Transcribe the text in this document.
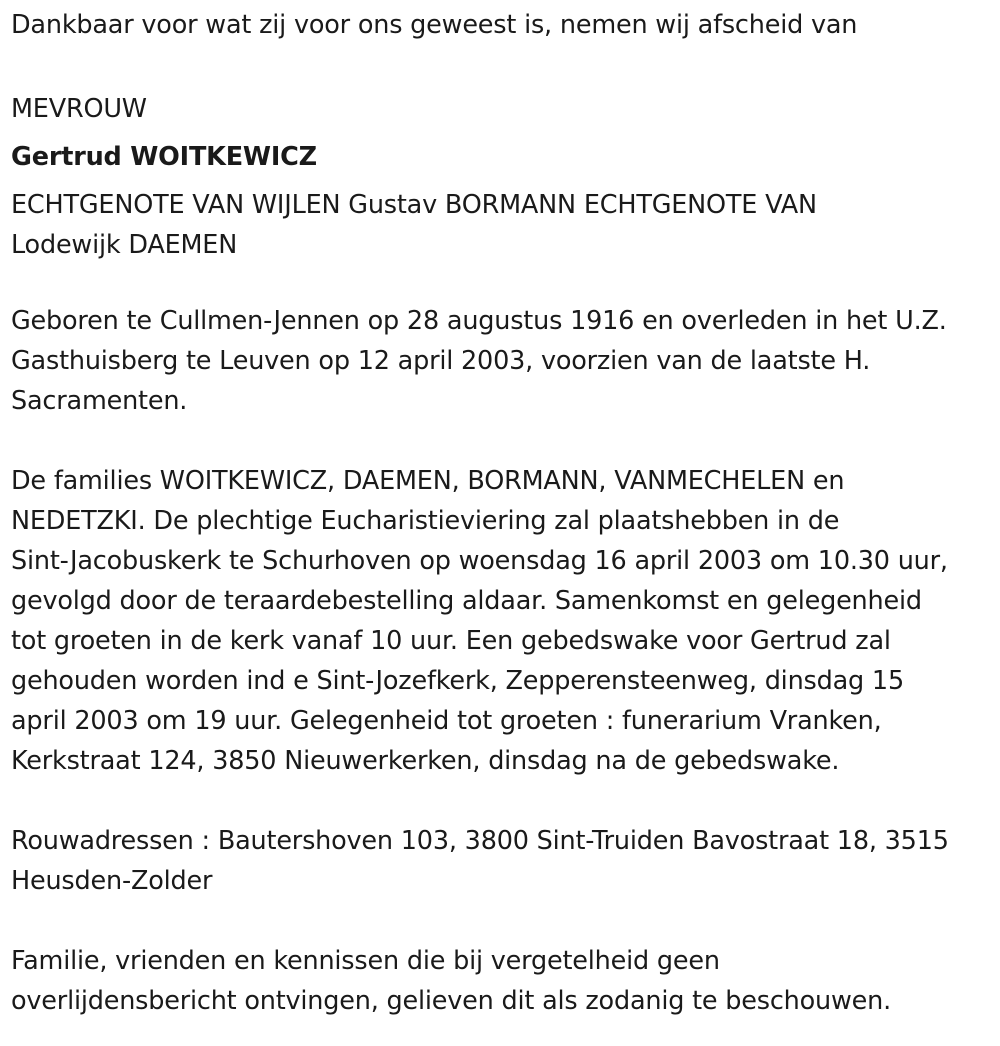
Dankbaar voor wat zij voor ons geweest is, nemen wij afscheid van
MEVROUW
Gertrud WOITKEWICZ
ECHTGENOTE VAN WIJLEN Gustav BORMANN ECHTGENOTE VAN
Lodewijk DAEMEN
Geboren te Cullmen-Jennen op 28 augustus 1916 en overleden in het U.Z.
Gasthuisberg te Leuven op 12 april 2003, voorzien van de laatste H.
Sacramenten.
De families WOITKEWICZ, DAEMEN, BORMANN, VANMECHELEN en
NEDETZKI. De plechtige Eucharistieviering zal plaatshebben in de
Sint-Jacobuskerk te Schurhoven op woensdag 16 april 2003 om 10.30 uur,
gevolgd door de teraardebestelling aldaar. Samenkomst en gelegenheid
tot groeten in de kerk vanaf 10 uur. Een gebedswake voor Gertrud zal
gehouden worden ind e Sint-Jozefkerk, Zepperensteenweg, dinsdag 15
april 2003 om 19 uur. Gelegenheid tot groeten : funerarium Vranken,
Kerkstraat 124, 3850 Nieuwerkerken, dinsdag na de gebedswake.
Rouwadressen : Bautershoven 103, 3800 Sint-Truiden Bavostraat 18, 3515
Heusden-Zolder
Familie, vrienden en kennissen die bij vergetelheid geen
overlijdensbericht ontvingen, gelieven dit als zodanig te beschouwen.
